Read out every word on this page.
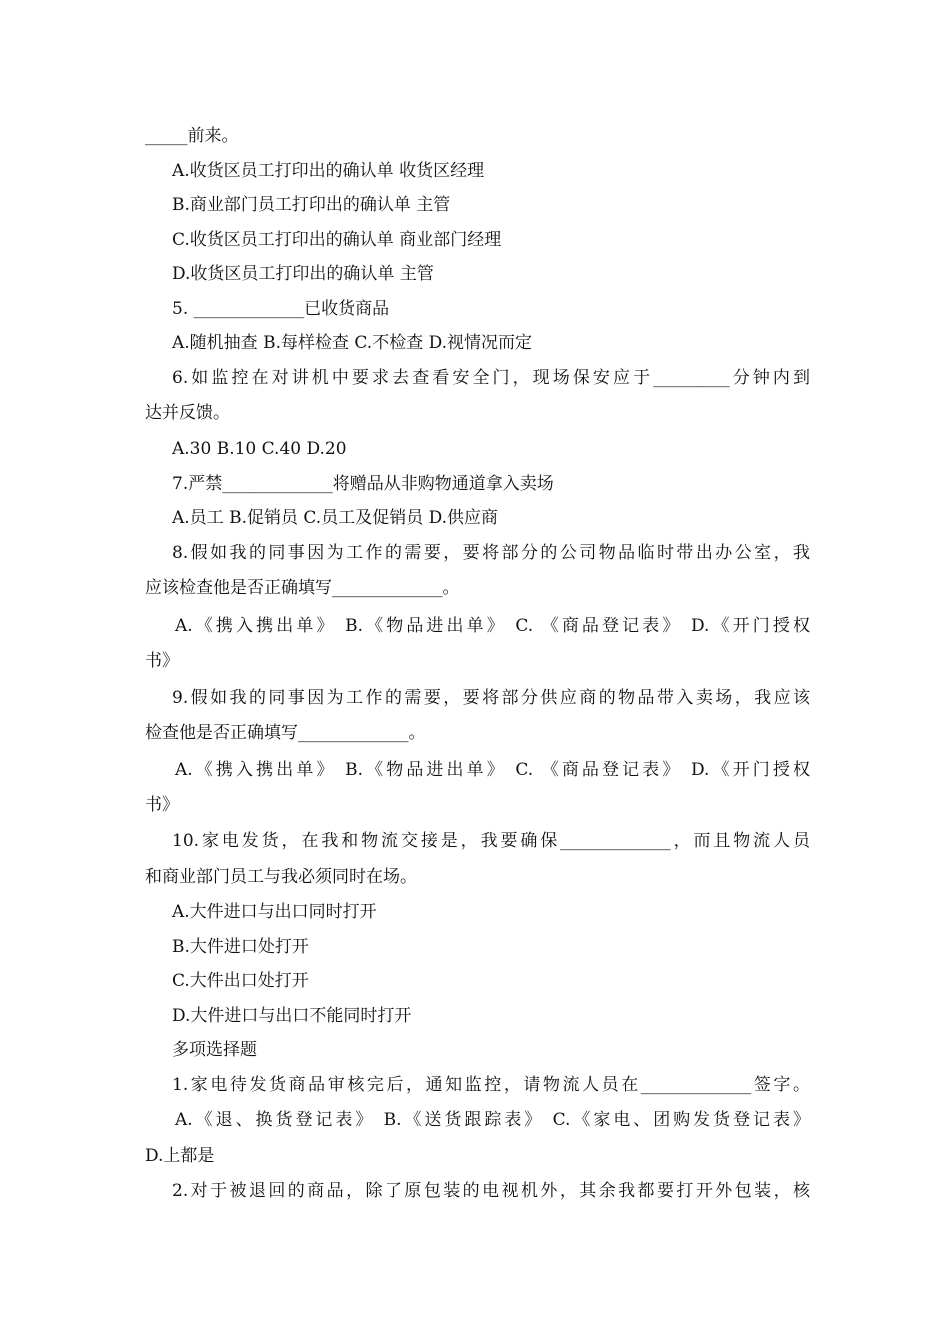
_____前来。
A.收货区员工打印出的确认单 收货区经理
B.商业部门员工打印出的确认单 主管
C.收货区员工打印出的确认单 商业部门经理
D.收货区员工打印出的确认单 主管
5. _____________已收货商品
A.随机抽查 B.每样检查 C.不检查 D.视情况而定
6.如监控在对讲机中要求去查看安全门，现场保安应于_________分钟内到
达并反馈。
A.30 B.10 C.40 D.20
7.严禁_____________将赠品从非购物通道拿入卖场
A.员工 B.促销员 C.员工及促销员 D.供应商
8.假如我的同事因为工作的需要，要将部分的公司物品临时带出办公室，我
应该检查他是否正确填写_____________。
A.《携入携出单》 B.《物品进出单》 C. 《商品登记表》 D.《开门授权
书》
9.假如我的同事因为工作的需要，要将部分供应商的物品带入卖场，我应该
检查他是否正确填写_____________。
A.《携入携出单》 B.《物品进出单》 C. 《商品登记表》 D.《开门授权
书》
10.家电发货，在我和物流交接是，我要确保_____________，而且物流人员
和商业部门员工与我必须同时在场。
A.大件进口与出口同时打开
B.大件进口处打开
C.大件出口处打开
D.大件进口与出口不能同时打开
多项选择题
1.家电待发货商品审核完后，通知监控，请物流人员在_____________签字。
A.《退、换货登记表》 B.《送货跟踪表》 C.《家电、团购发货登记表》
D.上都是
2.对于被退回的商品，除了原包装的电视机外，其余我都要打开外包装，核
